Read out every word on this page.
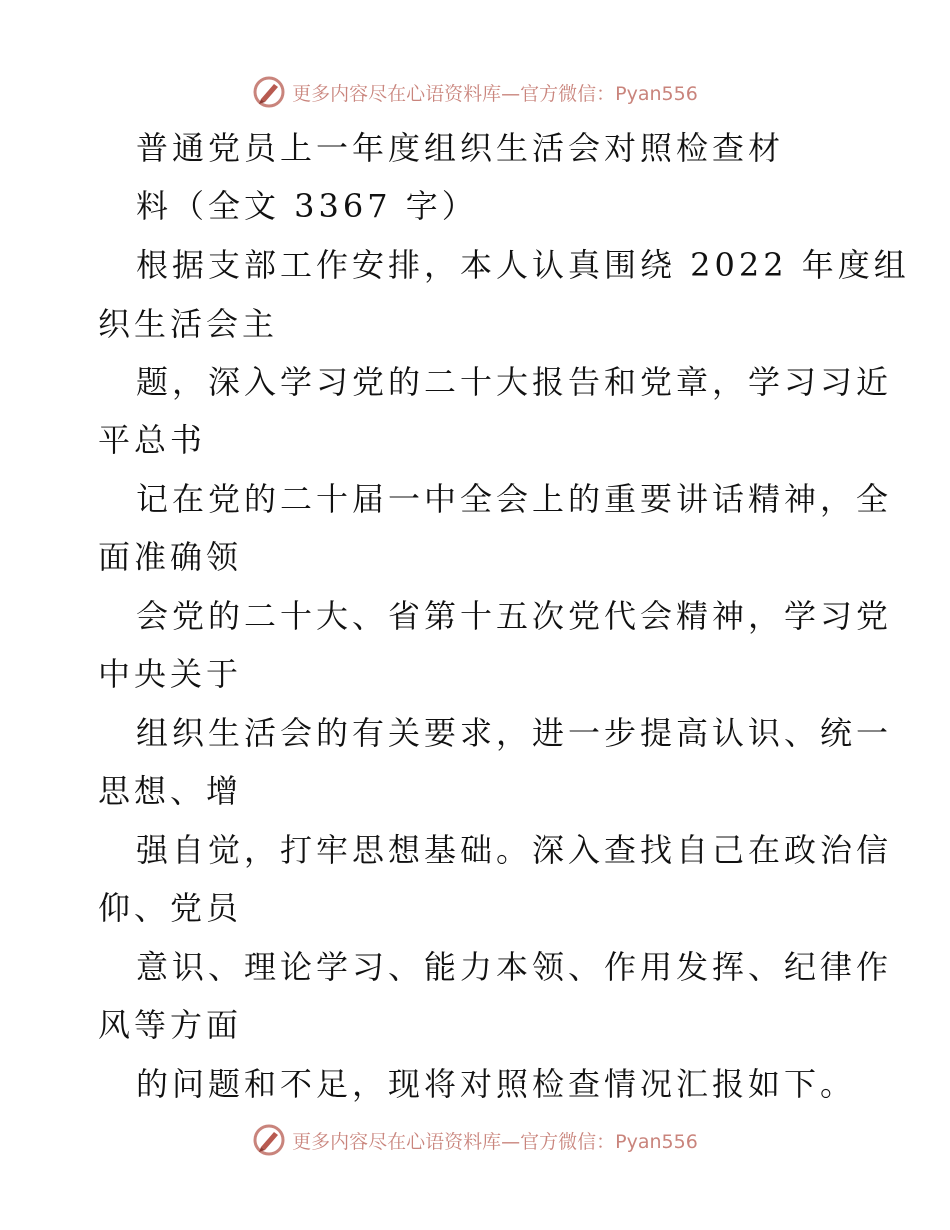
更多内容尽在心语资料库—官方微信：Pyan556
普通党员上一年度组织生活会对照检查材
料（全文 3367 字）
根据支部工作安排，本人认真围绕 2022 年度组
织生活会主
题，深入学习党的二十大报告和党章，学习习近
平总书
记在党的二十届一中全会上的重要讲话精神，全
面准确领
会党的二十大、省第十五次党代会精神，学习党
中央关于
组织生活会的有关要求，进一步提高认识、统一
思想、增
强自觉，打牢思想基础。深入查找自己在政治信
仰、党员
意识、理论学习、能力本领、作用发挥、纪律作
风等方面
的问题和不足，现将对照检查情况汇报如下。
更多内容尽在心语资料库—官方微信：Pyan556
